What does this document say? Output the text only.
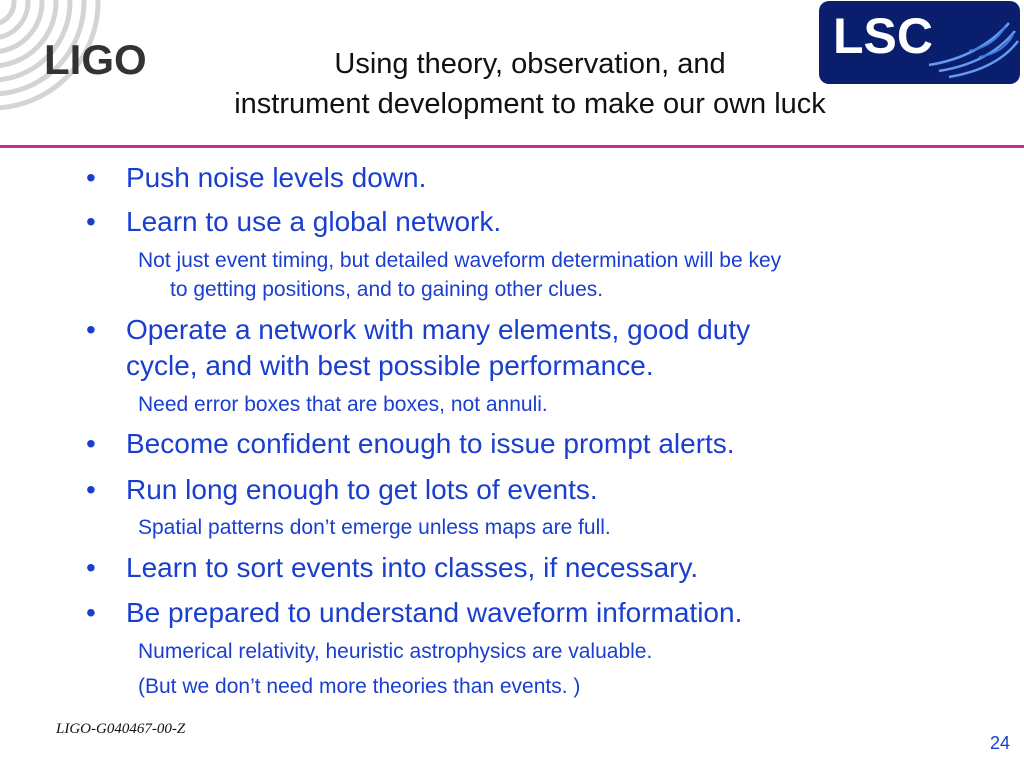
LIGO	Using theory, observation, and
instrument development to make our own luck
LSC
• Push noise levels down.
• Learn to use a global network.
Not just event timing, but detailed waveform determination will be key
to getting positions, and to gaining other clues.
• Operate a network with many elements, good duty
cycle, and with best possible performance.
Need error boxes that are boxes, not annuli.
• Become confident enough to issue prompt alerts.
• Run long enough to get lots of events.
Spatial patterns don’t emerge unless maps are full.
• Learn to sort events into classes, if necessary.
• Be prepared to understand waveform information.
Numerical relativity, heuristic astrophysics are valuable.
(But we don’t need more theories than events. )
LIGO-G040467-00-Z
24
